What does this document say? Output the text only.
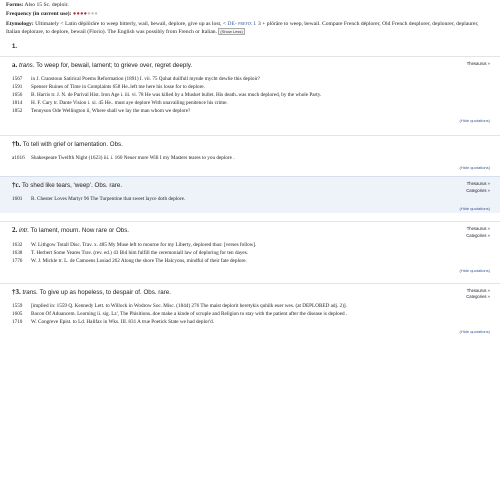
Forms: Also 15 Sc. deploir.
Frequency (in current use): ●●●●●●●
Etymology: Ultimately < Latin dēplōrāre to weep bitterly, wail, bewail, deplore, give up as lost, < DE- prefix I. 3 + plōrāre to weep, bewail. Compare French déplorer, Old French desplorer, deplourer, deplaurer, Italian deplorare, to deplore, bewail (Florio). The English was possibly from French or Italian. (Show Less)
1.
Thesaurus »
a. trans. To weep for, bewail, lament; to grieve over, regret deeply.
1567	in J. Cranstoun Satirical Poems Reformation (1891) I. vii. 75 Quhat duilfull mynde mycht dewlie this deploir?
1591	Spenser Ruines of Time in Complaints 658 He..left me here his losse for to deplore.
1656	B. Harris tr. J. N. de Parival Hist. Iron Age i. iii. vi. 78 He was killed by a Musket bullet. His death..was much deplored, by the whole Party.
1814	H. F. Cary tr. Dante Vision i. xi. 45 He.. must aye deplore With unavailing penitence his crime.
1852	Tennyson Ode Wellington ii, Where shall we lay the man whom we deplore?
(Hide quotations)
†b. To tell with grief or lamentation. Obs.
a1616	Shakespeare Twelfth Night (1623) iii. i. 160 Neuer more Will I my Masters teares to you deplore .
(Hide quotations)
Thesaurus »
Categories »
†c. To shed like tears, ‘weep’. Obs. rare.
1601	R. Chester Loves Martyr 96 The Turpentine that sweet layce doth deplore.
(Hide quotations)
Thesaurus »
Categories »
2. intr. To lament, mourn. Now rare or Obs.
1632	W. Lithgow Totall Disc. Trav. x. 485 My Muse left to mourne for my Liberty, deplored thus: [verses follow].
1638	T. Herbert Some Yeares Trav. (rev. ed.) 43 Bid him fulfill the ceremoniall law of deploring for ten dayes.
1776	W. J. Mickle tr. L. de Camoens Lusiad 262 Along the shore The Halcyons, mindful of their fate deplore.
(Hide quotations)
Thesaurus »
Categories »
†3. trans. To give up as hopeless, to despair of. Obs. rare.
1559	[implied in: 1559 Q. Kennedy Lett. to Willock in Wodrow Soc. Misc. (1844) 276 The maist deplorit heretykis quhilk euer wes. (at DEPLORED adj. 2)].
1605	Bacon Of Aduancem. Learning ii. sig. Lz', The Phisitions..doe make a kinde of scruple and Religion to stay with the patient after the disease is deploed .
1710	W. Congreve Epist. to Ld. Halifax in Wks. III. 831 A true Poetick State we had deplor'd.
(Hide quotations)
